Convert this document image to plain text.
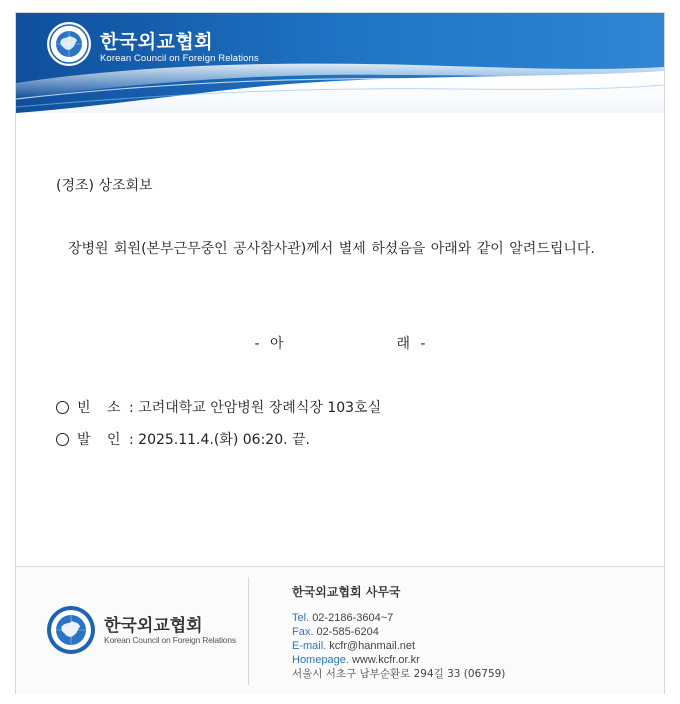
한국외교협회
Korean Council on Foreign Relations
(경조) 상조회보
장병원 회원(본부근무중인 공사참사관)께서 별세 하셨음을 아래와 같이 알려드립니다.
- 아	래 -
빈 소 : 고려대학교 안암병원 장례식장 103호실
발 인 : 2025.11.4.(화) 06:20. 끝.
한국외교협회
Korean Council on Foreign Relations
한국외교협회 사무국
Tel. 02-2186-3604~7
Fax. 02-585-6204
E-mail. kcfr@hanmail.net
Homepage. www.kcfr.or.kr
서울시 서초구 남부순환로 294길 33 (06759)
